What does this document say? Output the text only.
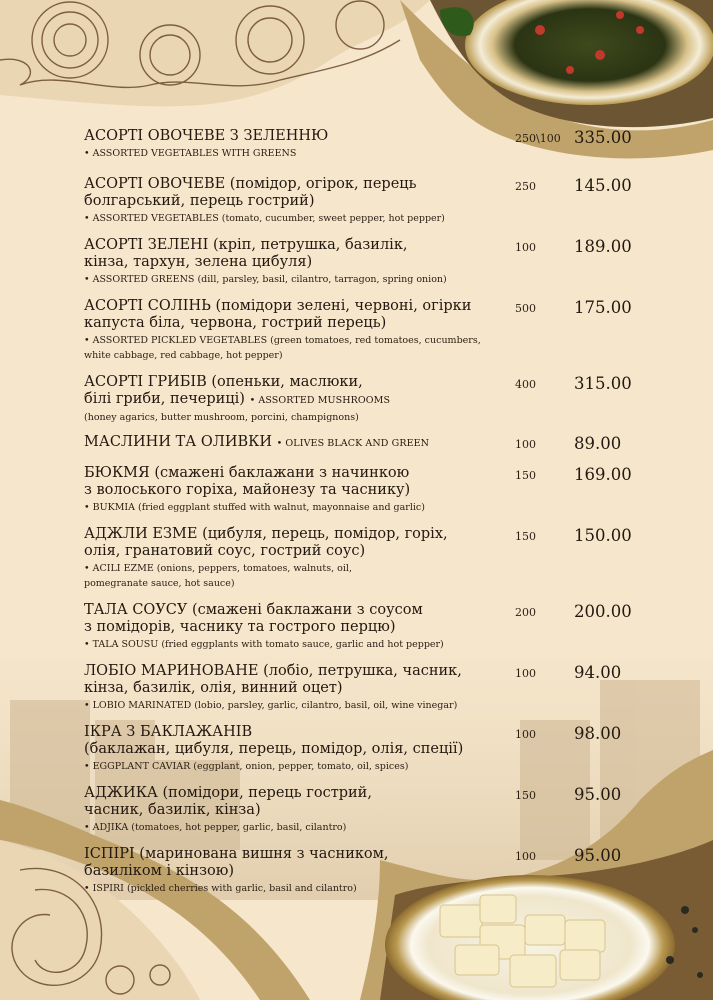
АСОРТІ ОВОЧЕВЕ З ЗЕЛЕННЮ
• ASSORTED VEGETABLES WITH GREENS
250\100 335.00
АСОРТІ ОВОЧЕВЕ (помідор, огірок, перець
болгарський, перець гострий)
• ASSORTED VEGETABLES (tomato, cucumber, sweet pepper, hot pepper)
250 145.00
АСОРТІ ЗЕЛЕНІ (кріп, петрушка, базилік,
кінза, тархун, зелена цибуля)
• ASSORTED GREENS (dill, parsley, basil, cilantro, tarragon, spring onion)
100 189.00
АСОРТІ СОЛІНЬ (помідори зелені, червоні, огірки
капуста біла, червона, гострий перець)
• ASSORTED PICKLED VEGETABLES (green tomatoes, red tomatoes, cucumbers,
white cabbage, red cabbage, hot pepper)
500 175.00
АСОРТІ ГРИБІВ (опеньки, маслюки,
білі гриби, печериці) • ASSORTED MUSHROOMS
(honey agarics, butter mushroom, porcini, champignons)
400 315.00
МАСЛИНИ ТА ОЛИВКИ • OLIVES BLACK AND GREEN	100 89.00
БЮКМЯ (смажені баклажани з начинкою
з волоського горіха, майонезу та часнику)
• BUKMIA (fried eggplant stuffed with walnut, mayonnaise and garlic)
150 169.00
АДЖЛИ ЕЗМЕ (цибуля, перець, помідор, горіх,
олія, гранатовий соус, гострий соус)
• ACILI EZME (onions, peppers, tomatoes, walnuts, oil,
pomegranate sauce, hot sauce)
150 150.00
ТАЛА СОУСУ (смажені баклажани з соусом
з помідорів, часнику та гострого перцю)
• TALA SOUSU (fried eggplants with tomato sauce, garlic and hot pepper)
200 200.00
ЛОБІО МАРИНОВАНЕ (лобіо, петрушка, часник,
кінза, базилік, олія, винний оцет)
• LOBIO MARINATED (lobio, parsley, garlic, cilantro, basil, oil, wine vinegar)
100 94.00
ІКРА З БАКЛАЖАНІВ
(баклажан, цибуля, перець, помідор, олія, спеції)
• EGGPLANT CAVIAR (eggplant, onion, pepper, tomato, oil, spices)
100 98.00
АДЖИКА (помідори, перець гострий,
часник, базилік, кінза)
• ADJIKA (tomatoes, hot pepper, garlic, basil, cilantro)
150 95.00
ІСПІРІ (маринована вишня з часником,
базиліком і кінзою)
• ISPIRI (pickled cherries with garlic, basil and cilantro)
100 95.00
